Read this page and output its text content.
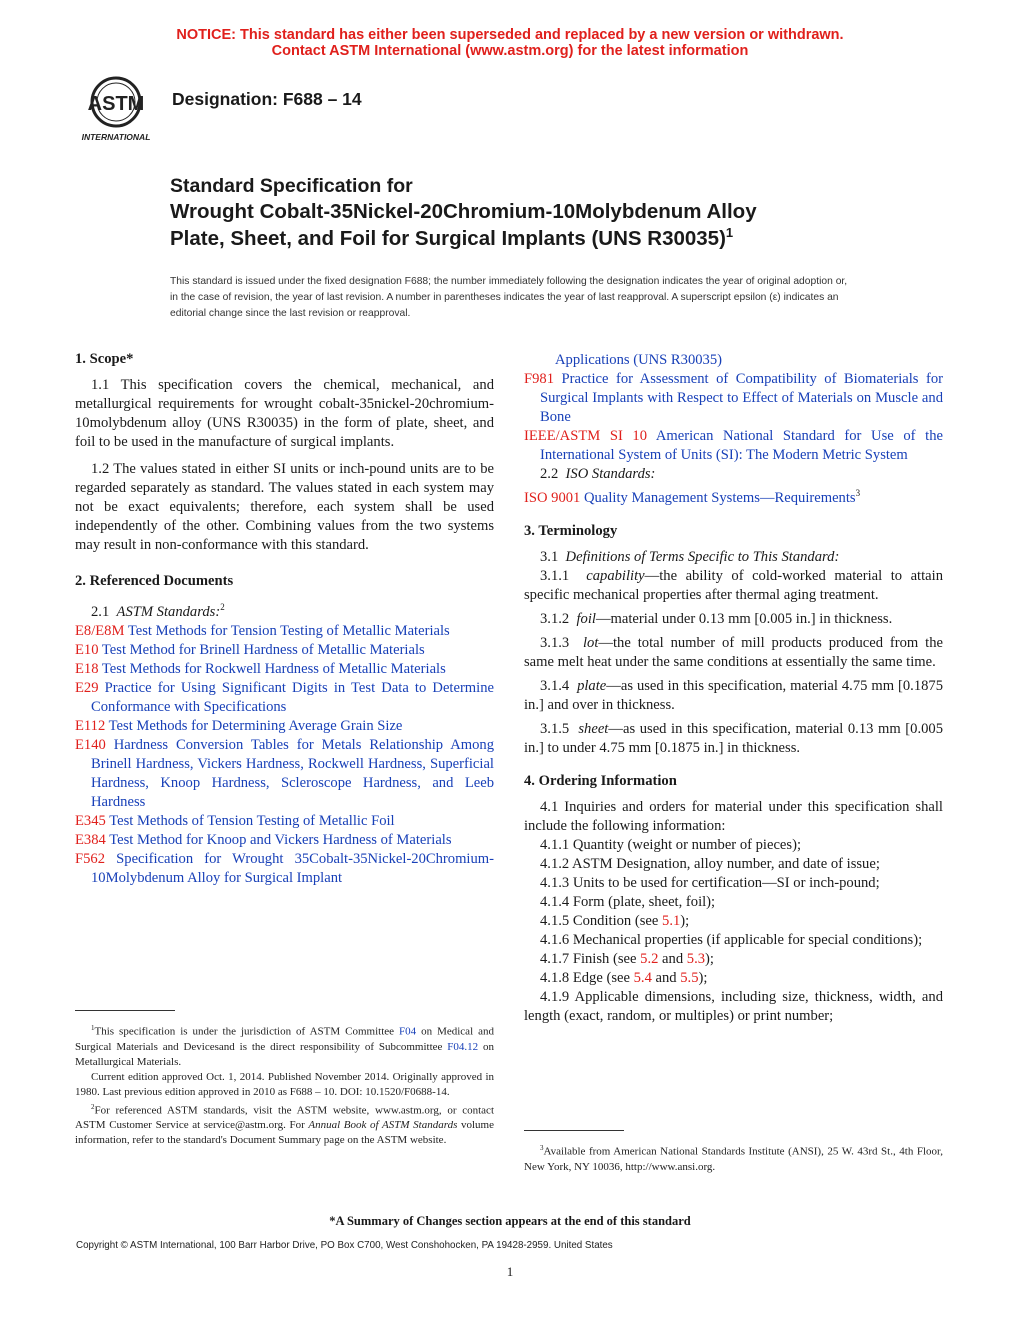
NOTICE: This standard has either been superseded and replaced by a new version or withdrawn.
Contact ASTM International (www.astm.org) for the latest information
ASTM
INTERNATIONAL
Designation: F688 – 14
Standard Specification for
Wrought Cobalt-35Nickel-20Chromium-10Molybdenum Alloy
Plate, Sheet, and Foil for Surgical Implants (UNS R30035)$^1$
This standard is issued under the fixed designation F688; the number immediately following the designation indicates the year of original adoption or, in the case of revision, the year of last revision. A number in parentheses indicates the year of last reapproval. A superscript epsilon (ε) indicates an editorial change since the last revision or reapproval.
1. Scope*

1.1 This specification covers the chemical, mechanical, and metallurgical requirements for wrought cobalt-35nickel-20chromium-10molybdenum alloy (UNS R30035) in the form of plate, sheet, and foil to be used in the manufacture of surgical implants.

1.2 The values stated in either SI units or inch-pound units are to be regarded separately as standard. The values stated in each system may not be exact equivalents; therefore, each system shall be used independently of the other. Combining values from the two systems may result in non-conformance with this standard.

2. Referenced Documents
2.1 ASTM Standards:$^2$
E8/E8M Test Methods for Tension Testing of Metallic Materials
E10 Test Method for Brinell Hardness of Metallic Materials
E18 Test Methods for Rockwell Hardness of Metallic Materials
E29 Practice for Using Significant Digits in Test Data to Determine Conformance with Specifications
E112 Test Methods for Determining Average Grain Size
E140 Hardness Conversion Tables for Metals Relationship Among Brinell Hardness, Vickers Hardness, Rockwell Hardness, Superficial Hardness, Knoop Hardness, Scleroscope Hardness, and Leeb Hardness
E345 Test Methods of Tension Testing of Metallic Foil
E384 Test Method for Knoop and Vickers Hardness of Materials
F562 Specification for Wrought 35Cobalt-35Nickel-20Chromium-10Molybdenum Alloy for Surgical Implant
Applications (UNS R30035)
F981 Practice for Assessment of Compatibility of Biomaterials for Surgical Implants with Respect to Effect of Materials on Muscle and Bone
IEEE/ASTM SI 10 American National Standard for Use of the International System of Units (SI): The Modern Metric System
2.2 ISO Standards:
ISO 9001 Quality Management Systems—Requirements$^3$
3. Terminology
3.1 Definitions of Terms Specific to This Standard:

3.1.1 capability—the ability of cold-worked material to attain specific mechanical properties after thermal aging treatment.

3.1.2 foil—material under 0.13 mm [0.005 in.] in thickness.

3.1.3 lot—the total number of mill products produced from the same melt heat under the same conditions at essentially the same time.

3.1.4 plate—as used in this specification, material 4.75 mm [0.1875 in.] and over in thickness.

3.1.5 sheet—as used in this specification, material 0.13 mm [0.005 in.] to under 4.75 mm [0.1875 in.] in thickness.

4. Ordering Information

4.1 Inquiries and orders for material under this specification shall include the following information:

4.1.1 Quantity (weight or number of pieces);

4.1.2 ASTM Designation, alloy number, and date of issue;

4.1.3 Units to be used for certification—SI or inch-pound;

4.1.4 Form (plate, sheet, foil);

4.1.5 Condition (see 5.1);

4.1.6 Mechanical properties (if applicable for special conditions);

4.1.7 Finish (see 5.2 and 5.3);

4.1.8 Edge (see 5.4 and 5.5);

4.1.9 Applicable dimensions, including size, thickness, width, and length (exact, random, or multiples) or print number;

$^1$This specification is under the jurisdiction of ASTM Committee F04 on Medical and Surgical Materials and Devicesand is the direct responsibility of Subcommittee F04.12 on Metallurgical Materials.

Current edition approved Oct. 1, 2014. Published November 2014. Originally approved in 1980. Last previous edition approved in 2010 as F688 – 10. DOI: 10.1520/F0688-14.

$^2$For referenced ASTM standards, visit the ASTM website, www.astm.org, or contact ASTM Customer Service at service@astm.org. For Annual Book of ASTM Standards volume information, refer to the standard's Document Summary page on the ASTM website.

$^3$Available from American National Standards Institute (ANSI), 25 W. 43rd St., 4th Floor, New York, NY 10036, http://www.ansi.org.

*A Summary of Changes section appears at the end of this standard
Copyright © ASTM International, 100 Barr Harbor Drive, PO Box C700, West Conshohocken, PA 19428-2959. United States
1
